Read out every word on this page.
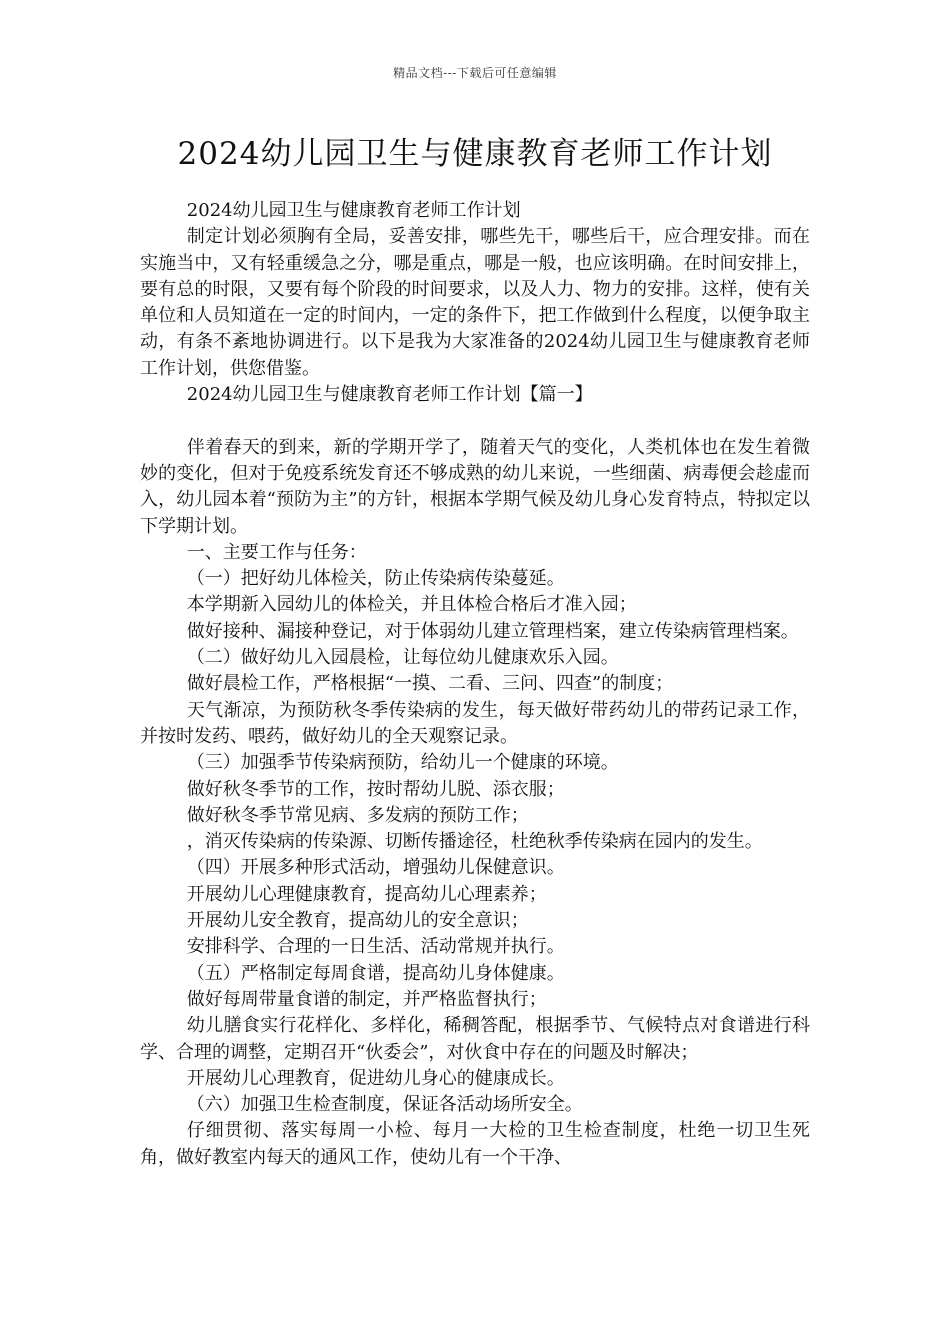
精品文档---下载后可任意编辑
2024幼儿园卫生与健康教育老师工作计划

2024幼儿园卫生与健康教育老师工作计划

制定计划必须胸有全局，妥善安排，哪些先干，哪些后干，应合理安排。而在实施当中，又有轻重缓急之分，哪是重点，哪是一般，也应该明确。在时间安排上，要有总的时限，又要有每个阶段的时间要求，以及人力、物力的安排。这样，使有关单位和人员知道在一定的时间内，一定的条件下，把工作做到什么程度，以便争取主动，有条不紊地协调进行。以下是我为大家准备的2024幼儿园卫生与健康教育老师工作计划，供您借鉴。

2024幼儿园卫生与健康教育老师工作计划【篇一】

伴着春天的到来，新的学期开学了，随着天气的变化，人类机体也在发生着微妙的变化，但对于免疫系统发育还不够成熟的幼儿来说，一些细菌、病毒便会趁虚而入，幼儿园本着“预防为主”的方针，根据本学期气候及幼儿身心发育特点，特拟定以下学期计划。

一、主要工作与任务：

（一）把好幼儿体检关，防止传染病传染蔓延。

本学期新入园幼儿的体检关，并且体检合格后才准入园；

做好接种、漏接种登记，对于体弱幼儿建立管理档案，建立传染病管理档案。

（二）做好幼儿入园晨检，让每位幼儿健康欢乐入园。

做好晨检工作，严格根据“一摸、二看、三问、四查”的制度；

天气渐凉，为预防秋冬季传染病的发生，每天做好带药幼儿的带药记录工作，并按时发药、喂药，做好幼儿的全天观察记录。

（三）加强季节传染病预防，给幼儿一个健康的环境。

做好秋冬季节的工作，按时帮幼儿脱、添衣服；

做好秋冬季节常见病、多发病的预防工作；

，消灭传染病的传染源、切断传播途径，杜绝秋季传染病在园内的发生。

（四）开展多种形式活动，增强幼儿保健意识。

开展幼儿心理健康教育，提高幼儿心理素养；

开展幼儿安全教育，提高幼儿的安全意识；

安排科学、合理的一日生活、活动常规并执行。

（五）严格制定每周食谱，提高幼儿身体健康。

做好每周带量食谱的制定，并严格监督执行；

幼儿膳食实行花样化、多样化，稀稠答配，根据季节、气候特点对食谱进行科学、合理的调整，定期召开“伙委会”，对伙食中存在的问题及时解决；

开展幼儿心理教育，促进幼儿身心的健康成长。

（六）加强卫生检查制度，保证各活动场所安全。

仔细贯彻、落实每周一小检、每月一大检的卫生检查制度，杜绝一切卫生死角，做好教室内每天的通风工作，使幼儿有一个干净、
